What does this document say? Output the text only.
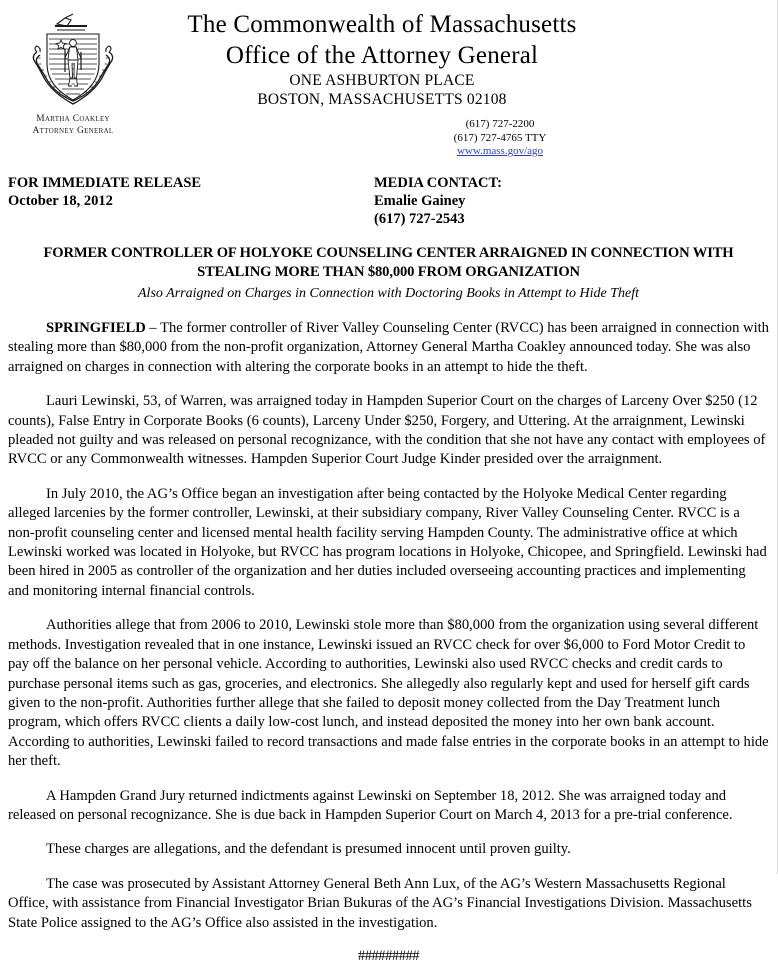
Martha Coakley
Attorney General
The Commonwealth of Massachusetts
Office of the Attorney General
ONE ASHBURTON PLACE
BOSTON, MASSACHUSETTS 02108
(617) 727-2200
(617) 727-4765 TTY
www.mass.gov/ago
FOR IMMEDIATE RELEASE
October 18, 2012
MEDIA CONTACT:
Emalie Gainey
(617) 727-2543
FORMER CONTROLLER OF HOLYOKE COUNSELING CENTER ARRAIGNED IN CONNECTION WITH STEALING MORE THAN $80,000 FROM ORGANIZATION
Also Arraigned on Charges in Connection with Doctoring Books in Attempt to Hide Theft

SPRINGFIELD – The former controller of River Valley Counseling Center (RVCC) has been arraigned in connection with stealing more than $80,000 from the non-profit organization, Attorney General Martha Coakley announced today. She was also arraigned on charges in connection with altering the corporate books in an attempt to hide the theft.

Lauri Lewinski, 53, of Warren, was arraigned today in Hampden Superior Court on the charges of Larceny Over $250 (12 counts), False Entry in Corporate Books (6 counts), Larceny Under $250, Forgery, and Uttering. At the arraignment, Lewinski pleaded not guilty and was released on personal recognizance, with the condition that she not have any contact with employees of RVCC or any Commonwealth witnesses. Hampden Superior Court Judge Kinder presided over the arraignment.

In July 2010, the AG’s Office began an investigation after being contacted by the Holyoke Medical Center regarding alleged larcenies by the former controller, Lewinski, at their subsidiary company, River Valley Counseling Center. RVCC is a non-profit counseling center and licensed mental health facility serving Hampden County. The administrative office at which Lewinski worked was located in Holyoke, but RVCC has program locations in Holyoke, Chicopee, and Springfield. Lewinski had been hired in 2005 as controller of the organization and her duties included overseeing accounting practices and implementing and monitoring internal financial controls.

Authorities allege that from 2006 to 2010, Lewinski stole more than $80,000 from the organization using several different methods. Investigation revealed that in one instance, Lewinski issued an RVCC check for over $6,000 to Ford Motor Credit to pay off the balance on her personal vehicle. According to authorities, Lewinski also used RVCC checks and credit cards to purchase personal items such as gas, groceries, and electronics. She allegedly also regularly kept and used for herself gift cards given to the non-profit. Authorities further allege that she failed to deposit money collected from the Day Treatment lunch program, which offers RVCC clients a daily low-cost lunch, and instead deposited the money into her own bank account. According to authorities, Lewinski failed to record transactions and made false entries in the corporate books in an attempt to hide her theft.

A Hampden Grand Jury returned indictments against Lewinski on September 18, 2012. She was arraigned today and released on personal recognizance. She is due back in Hampden Superior Court on March 4, 2013 for a pre-trial conference.

These charges are allegations, and the defendant is presumed innocent until proven guilty.

The case was prosecuted by Assistant Attorney General Beth Ann Lux, of the AG’s Western Massachusetts Regional Office, with assistance from Financial Investigator Brian Bukuras of the AG’s Financial Investigations Division. Massachusetts State Police assigned to the AG’s Office also assisted in the investigation.

#########
